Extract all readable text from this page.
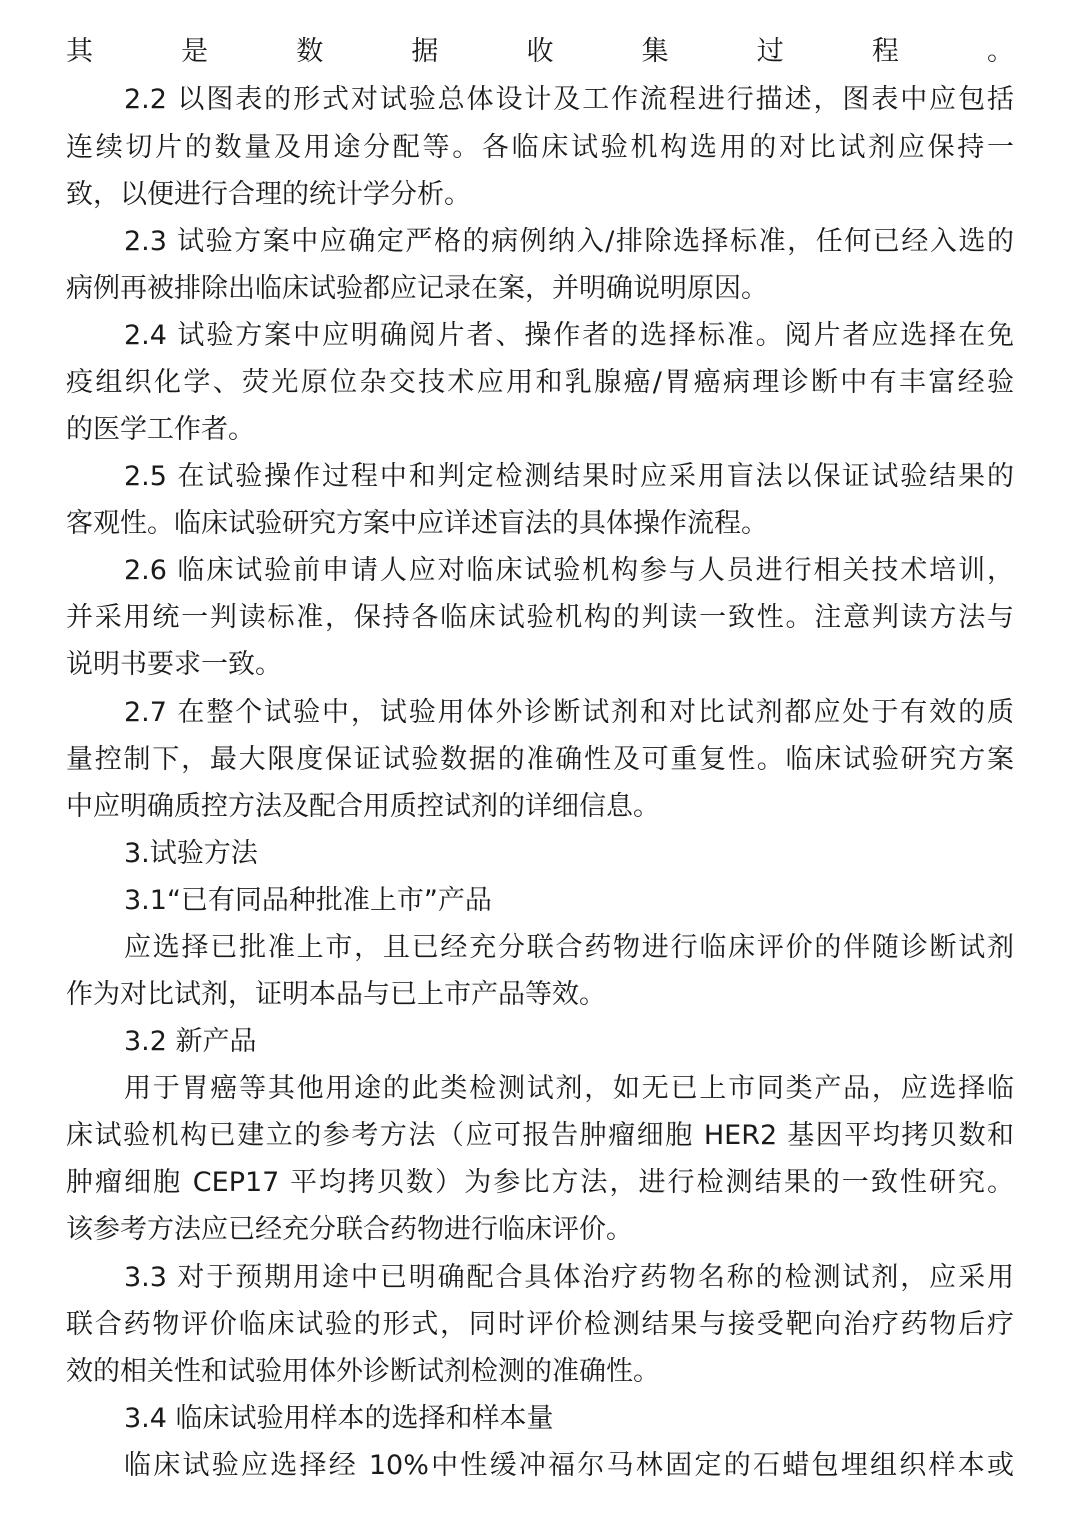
其是数据收集过程。
2.2 以图表的形式对试验总体设计及工作流程进行描述，图表中应包括
连续切片的数量及用途分配等。各临床试验机构选用的对比试剂应保持一
致，以便进行合理的统计学分析。
2.3 试验方案中应确定严格的病例纳入/排除选择标准，任何已经入选的
病例再被排除出临床试验都应记录在案，并明确说明原因。
2.4 试验方案中应明确阅片者、操作者的选择标准。阅片者应选择在免
疫组织化学、荧光原位杂交技术应用和乳腺癌/胃癌病理诊断中有丰富经验
的医学工作者。
2.5 在试验操作过程中和判定检测结果时应采用盲法以保证试验结果的
客观性。临床试验研究方案中应详述盲法的具体操作流程。
2.6 临床试验前申请人应对临床试验机构参与人员进行相关技术培训，
并采用统一判读标准，保持各临床试验机构的判读一致性。注意判读方法与
说明书要求一致。
2.7 在整个试验中，试验用体外诊断试剂和对比试剂都应处于有效的质
量控制下，最大限度保证试验数据的准确性及可重复性。临床试验研究方案
中应明确质控方法及配合用质控试剂的详细信息。
3.试验方法
3.1“已有同品种批准上市”产品
应选择已批准上市，且已经充分联合药物进行临床评价的伴随诊断试剂
作为对比试剂，证明本品与已上市产品等效。
3.2 新产品
用于胃癌等其他用途的此类检测试剂，如无已上市同类产品，应选择临
床试验机构已建立的参考方法（应可报告肿瘤细胞 HER2 基因平均拷贝数和
肿瘤细胞 CEP17 平均拷贝数）为参比方法，进行检测结果的一致性研究。
该参考方法应已经充分联合药物进行临床评价。
3.3 对于预期用途中已明确配合具体治疗药物名称的检测试剂，应采用
联合药物评价临床试验的形式，同时评价检测结果与接受靶向治疗药物后疗
效的相关性和试验用体外诊断试剂检测的准确性。
3.4 临床试验用样本的选择和样本量
临床试验应选择经 10%中性缓冲福尔马林固定的石蜡包埋组织样本或
